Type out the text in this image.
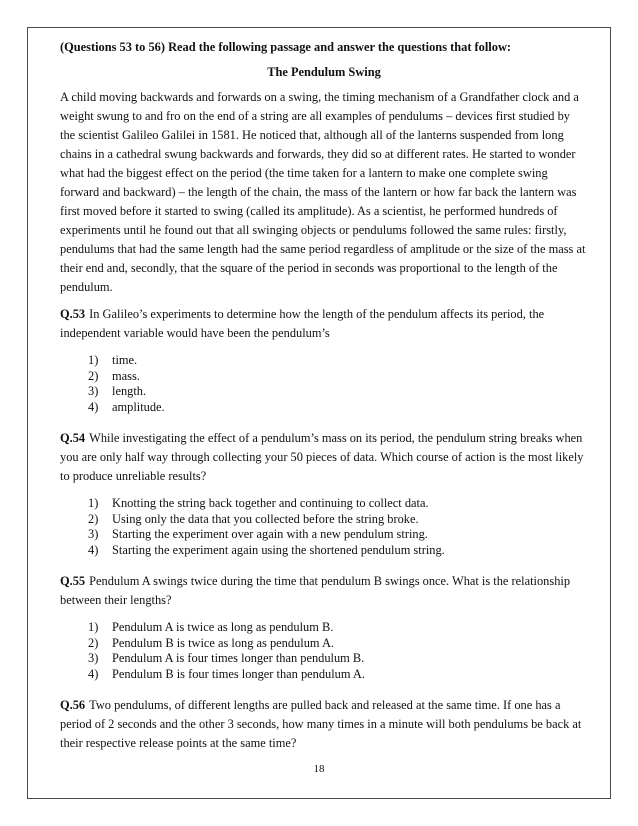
(Questions 53 to 56) Read the following passage and answer the questions that follow:

The Pendulum Swing

A child moving backwards and forwards on a swing, the timing mechanism of a Grandfather clock and a weight swung to and fro on the end of a string are all examples of pendulums – devices first studied by the scientist Galileo Galilei in 1581. He noticed that, although all of the lanterns suspended from long chains in a cathedral swung backwards and forwards, they did so at different rates. He started to wonder what had the biggest effect on the period (the time taken for a lantern to make one complete swing forward and backward) – the length of the chain, the mass of the lantern or how far back the lantern was first moved before it started to swing (called its amplitude). As a scientist, he performed hundreds of experiments until he found out that all swinging objects or pendulums followed the same rules: firstly, pendulums that had the same length had the same period regardless of amplitude or the size of the mass at their end and, secondly, that the square of the period in seconds was proportional to the length of the pendulum.

Q.53 In Galileo’s experiments to determine how the length of the pendulum affects its period, the independent variable would have been the pendulum’s
1)	time.
2)	mass.
3)	length.
4)	amplitude.
Q.54 While investigating the effect of a pendulum’s mass on its period, the pendulum string breaks when you are only half way through collecting your 50 pieces of data. Which course of action is the most likely to produce unreliable results?
1)	Knotting the string back together and continuing to collect data.
2)	Using only the data that you collected before the string broke.
3)	Starting the experiment over again with a new pendulum string.
4)	Starting the experiment again using the shortened pendulum string.
Q.55 Pendulum A swings twice during the time that pendulum B swings once. What is the relationship between their lengths?
1)	Pendulum A is twice as long as pendulum B.
2)	Pendulum B is twice as long as pendulum A.
3)	Pendulum A is four times longer than pendulum B.
4)	Pendulum B is four times longer than pendulum A.
Q.56 Two pendulums, of different lengths are pulled back and released at the same time. If one has a period of 2 seconds and the other 3 seconds, how many times in a minute will both pendulums be back at their respective release points at the same time?
18
